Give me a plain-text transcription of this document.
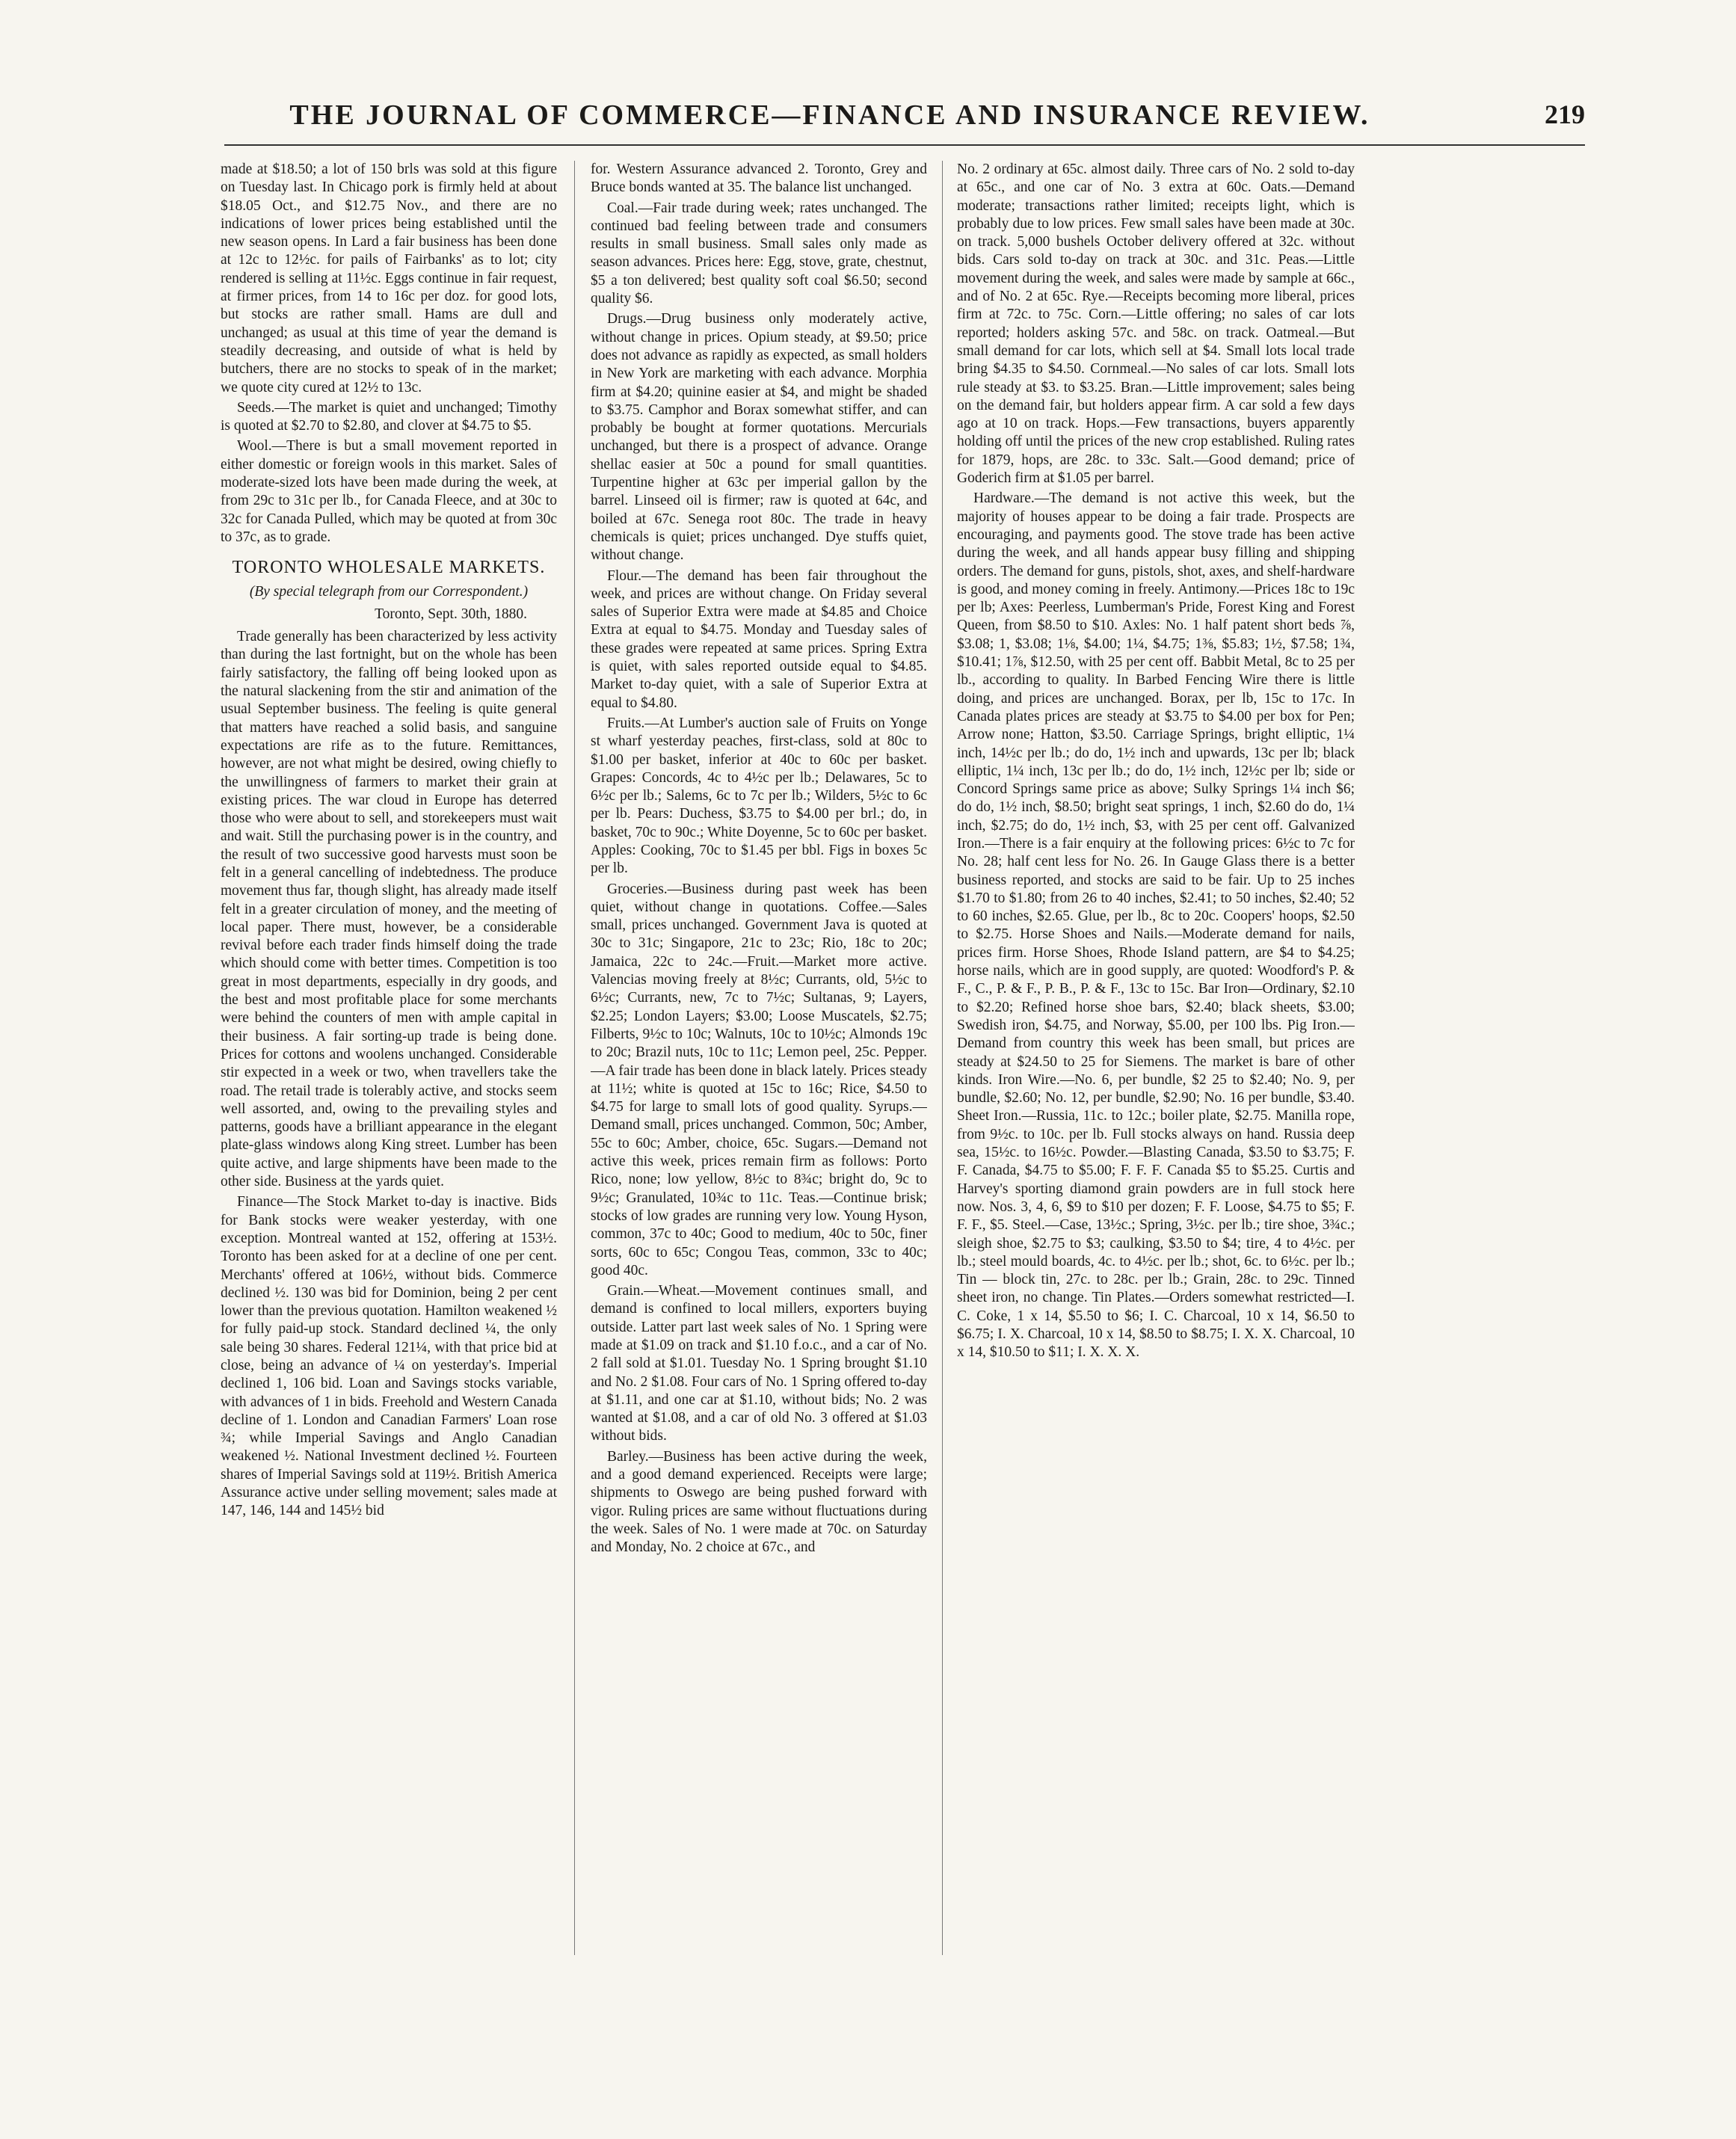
THE JOURNAL OF COMMERCE—FINANCE AND INSURANCE REVIEW.	219

made at $18.50; a lot of 150 brls was sold at this figure on Tuesday last. In Chicago pork is firmly held at about $18.05 Oct., and $12.75 Nov., and there are no indications of lower prices being established until the new season opens. In Lard a fair business has been done at 12c to 12½c. for pails of Fairbanks' as to lot; city rendered is selling at 11½c. Eggs continue in fair request, at firmer prices, from 14 to 16c per doz. for good lots, but stocks are rather small. Hams are dull and unchanged; as usual at this time of year the demand is steadily decreasing, and outside of what is held by butchers, there are no stocks to speak of in the market; we quote city cured at 12½ to 13c.

Seeds.—The market is quiet and unchanged; Timothy is quoted at $2.70 to $2.80, and clover at $4.75 to $5.

Wool.—There is but a small movement reported in either domestic or foreign wools in this market. Sales of moderate-sized lots have been made during the week, at from 29c to 31c per lb., for Canada Fleece, and at 30c to 32c for Canada Pulled, which may be quoted at from 30c to 37c, as to grade.

TORONTO WHOLESALE MARKETS.
(By special telegraph from our Correspondent.)
Toronto, Sept. 30th, 1880.

Trade generally has been characterized by less activity than during the last fortnight, but on the whole has been fairly satisfactory, the falling off being looked upon as the natural slackening from the stir and animation of the usual September business. The feeling is quite general that matters have reached a solid basis, and sanguine expectations are rife as to the future. Remittances, however, are not what might be desired, owing chiefly to the unwillingness of farmers to market their grain at existing prices. The war cloud in Europe has deterred those who were about to sell, and storekeepers must wait and wait. Still the purchasing power is in the country, and the result of two successive good harvests must soon be felt in a general cancelling of indebtedness. The produce movement thus far, though slight, has already made itself felt in a greater circulation of money, and the meeting of local paper. There must, however, be a considerable revival before each trader finds himself doing the trade which should come with better times. Competition is too great in most departments, especially in dry goods, and the best and most profitable place for some merchants were behind the counters of men with ample capital in their business. A fair sorting-up trade is being done. Prices for cottons and woolens unchanged. Considerable stir expected in a week or two, when travellers take the road. The retail trade is tolerably active, and stocks seem well assorted, and, owing to the prevailing styles and patterns, goods have a brilliant appearance in the elegant plate-glass windows along King street. Lumber has been quite active, and large shipments have been made to the other side. Business at the yards quiet.

Finance—The Stock Market to-day is inactive. Bids for Bank stocks were weaker yesterday, with one exception. Montreal wanted at 152, offering at 153½. Toronto has been asked for at a decline of one per cent. Merchants' offered at 106½, without bids. Commerce declined ½. 130 was bid for Dominion, being 2 per cent lower than the previous quotation. Hamilton weakened ½ for fully paid-up stock. Standard declined ¼, the only sale being 30 shares. Federal 121¼, with that price bid at close, being an advance of ¼ on yesterday's. Imperial declined 1, 106 bid. Loan and Savings stocks variable, with advances of 1 in bids. Freehold and Western Canada decline of 1. London and Canadian Farmers' Loan rose ¾; while Imperial Savings and Anglo Canadian weakened ½. National Investment declined ½. Fourteen shares of Imperial Savings sold at 119½. British America Assurance active under selling movement; sales made at 147, 146, 144 and 145½ bid

for. Western Assurance advanced 2. Toronto, Grey and Bruce bonds wanted at 35. The balance list unchanged.

Coal.—Fair trade during week; rates unchanged. The continued bad feeling between trade and consumers results in small business. Small sales only made as season advances. Prices here: Egg, stove, grate, chestnut, $5 a ton delivered; best quality soft coal $6.50; second quality $6.

Drugs.—Drug business only moderately active, without change in prices. Opium steady, at $9.50; price does not advance as rapidly as expected, as small holders in New York are marketing with each advance. Morphia firm at $4.20; quinine easier at $4, and might be shaded to $3.75. Camphor and Borax somewhat stiffer, and can probably be bought at former quotations. Mercurials unchanged, but there is a prospect of advance. Orange shellac easier at 50c a pound for small quantities. Turpentine higher at 63c per imperial gallon by the barrel. Linseed oil is firmer; raw is quoted at 64c, and boiled at 67c. Senega root 80c. The trade in heavy chemicals is quiet; prices unchanged. Dye stuffs quiet, without change.

Flour.—The demand has been fair throughout the week, and prices are without change. On Friday several sales of Superior Extra were made at $4.85 and Choice Extra at equal to $4.75. Monday and Tuesday sales of these grades were repeated at same prices. Spring Extra is quiet, with sales reported outside equal to $4.85. Market to-day quiet, with a sale of Superior Extra at equal to $4.80.

Fruits.—At Lumber's auction sale of Fruits on Yonge st wharf yesterday peaches, first-class, sold at 80c to $1.00 per basket, inferior at 40c to 60c per basket. Grapes: Concords, 4c to 4½c per lb.; Delawares, 5c to 6½c per lb.; Salems, 6c to 7c per lb.; Wilders, 5½c to 6c per lb. Pears: Duchess, $3.75 to $4.00 per brl.; do, in basket, 70c to 90c.; White Doyenne, 5c to 60c per basket. Apples: Cooking, 70c to $1.45 per bbl. Figs in boxes 5c per lb.

Groceries.—Business during past week has been quiet, without change in quotations. Coffee.—Sales small, prices unchanged. Government Java is quoted at 30c to 31c; Singapore, 21c to 23c; Rio, 18c to 20c; Jamaica, 22c to 24c.—Fruit.—Market more active. Valencias moving freely at 8½c; Currants, old, 5½c to 6½c; Currants, new, 7c to 7½c; Sultanas, 9; Layers, $2.25; London Layers; $3.00; Loose Muscatels, $2.75; Filberts, 9½c to 10c; Walnuts, 10c to 10½c; Almonds 19c to 20c; Brazil nuts, 10c to 11c; Lemon peel, 25c. Pepper.—A fair trade has been done in black lately. Prices steady at 11½; white is quoted at 15c to 16c; Rice, $4.50 to $4.75 for large to small lots of good quality. Syrups.—Demand small, prices unchanged. Common, 50c; Amber, 55c to 60c; Amber, choice, 65c. Sugars.—Demand not active this week, prices remain firm as follows: Porto Rico, none; low yellow, 8½c to 8¾c; bright do, 9c to 9½c; Granulated, 10¾c to 11c. Teas.—Continue brisk; stocks of low grades are running very low. Young Hyson, common, 37c to 40c; Good to medium, 40c to 50c, finer sorts, 60c to 65c; Congou Teas, common, 33c to 40c; good 40c.

Grain.—Wheat.—Movement continues small, and demand is confined to local millers, exporters buying outside. Latter part last week sales of No. 1 Spring were made at $1.09 on track and $1.10 f.o.c., and a car of No. 2 fall sold at $1.01. Tuesday No. 1 Spring brought $1.10 and No. 2 $1.08. Four cars of No. 1 Spring offered to-day at $1.11, and one car at $1.10, without bids; No. 2 was wanted at $1.08, and a car of old No. 3 offered at $1.03 without bids.

Barley.—Business has been active during the week, and a good demand experienced. Receipts were large; shipments to Oswego are being pushed forward with vigor. Ruling prices are same without fluctuations during the week. Sales of No. 1 were made at 70c. on Saturday and Monday, No. 2 choice at 67c., and

No. 2 ordinary at 65c. almost daily. Three cars of No. 2 sold to-day at 65c., and one car of No. 3 extra at 60c. Oats.—Demand moderate; transactions rather limited; receipts light, which is probably due to low prices. Few small sales have been made at 30c. on track. 5,000 bushels October delivery offered at 32c. without bids. Cars sold to-day on track at 30c. and 31c. Peas.—Little movement during the week, and sales were made by sample at 66c., and of No. 2 at 65c. Rye.—Receipts becoming more liberal, prices firm at 72c. to 75c. Corn.—Little offering; no sales of car lots reported; holders asking 57c. and 58c. on track. Oatmeal.—But small demand for car lots, which sell at $4. Small lots local trade bring $4.35 to $4.50. Cornmeal.—No sales of car lots. Small lots rule steady at $3. to $3.25. Bran.—Little improvement; sales being on the demand fair, but holders appear firm. A car sold a few days ago at 10 on track. Hops.—Few transactions, buyers apparently holding off until the prices of the new crop established. Ruling rates for 1879, hops, are 28c. to 33c. Salt.—Good demand; price of Goderich firm at $1.05 per barrel.

Hardware.—The demand is not active this week, but the majority of houses appear to be doing a fair trade. Prospects are encouraging, and payments good. The stove trade has been active during the week, and all hands appear busy filling and shipping orders. The demand for guns, pistols, shot, axes, and shelf-hardware is good, and money coming in freely. Antimony.—Prices 18c to 19c per lb; Axes: Peerless, Lumberman's Pride, Forest King and Forest Queen, from $8.50 to $10. Axles: No. 1 half patent short beds ⅞, $3.08; 1, $3.08; 1⅛, $4.00; 1¼, $4.75; 1⅜, $5.83; 1½, $7.58; 1¾, $10.41; 1⅞, $12.50, with 25 per cent off. Babbit Metal, 8c to 25 per lb., according to quality. In Barbed Fencing Wire there is little doing, and prices are unchanged. Borax, per lb, 15c to 17c. In Canada plates prices are steady at $3.75 to $4.00 per box for Pen; Arrow none; Hatton, $3.50. Carriage Springs, bright elliptic, 1¼ inch, 14½c per lb.; do do, 1½ inch and upwards, 13c per lb; black elliptic, 1¼ inch, 13c per lb.; do do, 1½ inch, 12½c per lb; side or Concord Springs same price as above; Sulky Springs 1¼ inch $6; do do, 1½ inch, $8.50; bright seat springs, 1 inch, $2.60 do do, 1¼ inch, $2.75; do do, 1½ inch, $3, with 25 per cent off. Galvanized Iron.—There is a fair enquiry at the following prices: 6½c to 7c for No. 28; half cent less for No. 26. In Gauge Glass there is a better business reported, and stocks are said to be fair. Up to 25 inches $1.70 to $1.80; from 26 to 40 inches, $2.41; to 50 inches, $2.40; 52 to 60 inches, $2.65. Glue, per lb., 8c to 20c. Coopers' hoops, $2.50 to $2.75. Horse Shoes and Nails.—Moderate demand for nails, prices firm. Horse Shoes, Rhode Island pattern, are $4 to $4.25; horse nails, which are in good supply, are quoted: Woodford's P. & F., C., P. & F., P. B., P. & F., 13c to 15c. Bar Iron—Ordinary, $2.10 to $2.20; Refined horse shoe bars, $2.40; black sheets, $3.00; Swedish iron, $4.75, and Norway, $5.00, per 100 lbs. Pig Iron.—Demand from country this week has been small, but prices are steady at $24.50 to 25 for Siemens. The market is bare of other kinds. Iron Wire.—No. 6, per bundle, $2 25 to $2.40; No. 9, per bundle, $2.60; No. 12, per bundle, $2.90; No. 16 per bundle, $3.40. Sheet Iron.—Russia, 11c. to 12c.; boiler plate, $2.75. Manilla rope, from 9½c. to 10c. per lb. Full stocks always on hand. Russia deep sea, 15½c. to 16½c. Powder.—Blasting Canada, $3.50 to $3.75; F. F. Canada, $4.75 to $5.00; F. F. F. Canada $5 to $5.25. Curtis and Harvey's sporting diamond grain powders are in full stock here now. Nos. 3, 4, 6, $9 to $10 per dozen; F. F. Loose, $4.75 to $5; F. F. F., $5. Steel.—Case, 13½c.; Spring, 3½c. per lb.; tire shoe, 3¾c.; sleigh shoe, $2.75 to $3; caulking, $3.50 to $4; tire, 4 to 4½c. per lb.; steel mould boards, 4c. to 4½c. per lb.; shot, 6c. to 6½c. per lb.; Tin — block tin, 27c. to 28c. per lb.; Grain, 28c. to 29c. Tinned sheet iron, no change. Tin Plates.—Orders somewhat restricted—I. C. Coke, 1 x 14, $5.50 to $6; I. C. Charcoal, 10 x 14, $6.50 to $6.75; I. X. Charcoal, 10 x 14, $8.50 to $8.75; I. X. X. Charcoal, 10 x 14, $10.50 to $11; I. X. X. X.
